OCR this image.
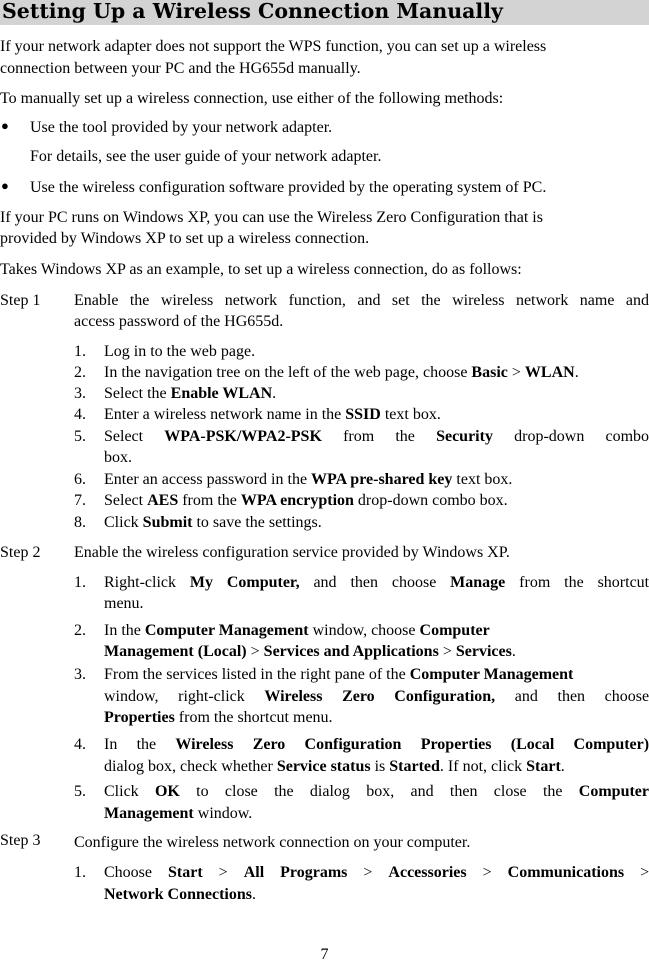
Setting Up a Wireless Connection Manually
If your network adapter does not support the WPS function, you can set up a wireless
connection between your PC and the HG655d manually.
To manually set up a wireless connection, use either of the following methods:
● Use the tool provided by your network adapter.
For details, see the user guide of your network adapter.
● Use the wireless configuration software provided by the operating system of PC.
If your PC runs on Windows XP, you can use the Wireless Zero Configuration that is
provided by Windows XP to set up a wireless connection.
Takes Windows XP as an example, to set up a wireless connection, do as follows:
Step 1 Enable the wireless network function, and set the wireless network name and
access password of the HG655d.
1. Log in to the web page.
2. In the navigation tree on the left of the web page, choose Basic > WLAN.
3. Select the Enable WLAN.
4. Enter a wireless network name in the SSID text box.
5. Select WPA-PSK/WPA2-PSK from the Security drop-down combo
box.
6. Enter an access password in the WPA pre-shared key text box.
7. Select AES from the WPA encryption drop-down combo box.
8. Click Submit to save the settings.
Step 2 Enable the wireless configuration service provided by Windows XP.
1. Right-click My Computer, and then choose Manage from the shortcut
menu.
2. In the Computer Management window, choose Computer
Management (Local) > Services and Applications > Services.
3. From the services listed in the right pane of the Computer Management
window, right-click Wireless Zero Configuration, and then choose
Properties from the shortcut menu.
4. In the Wireless Zero Configuration Properties (Local Computer)
dialog box, check whether Service status is Started. If not, click Start.
5. Click OK to close the dialog box, and then close the Computer
Management window.
Step 3 Configure the wireless network connection on your computer.
1. Choose Start > All Programs > Accessories > Communications >
Network Connections.
7
